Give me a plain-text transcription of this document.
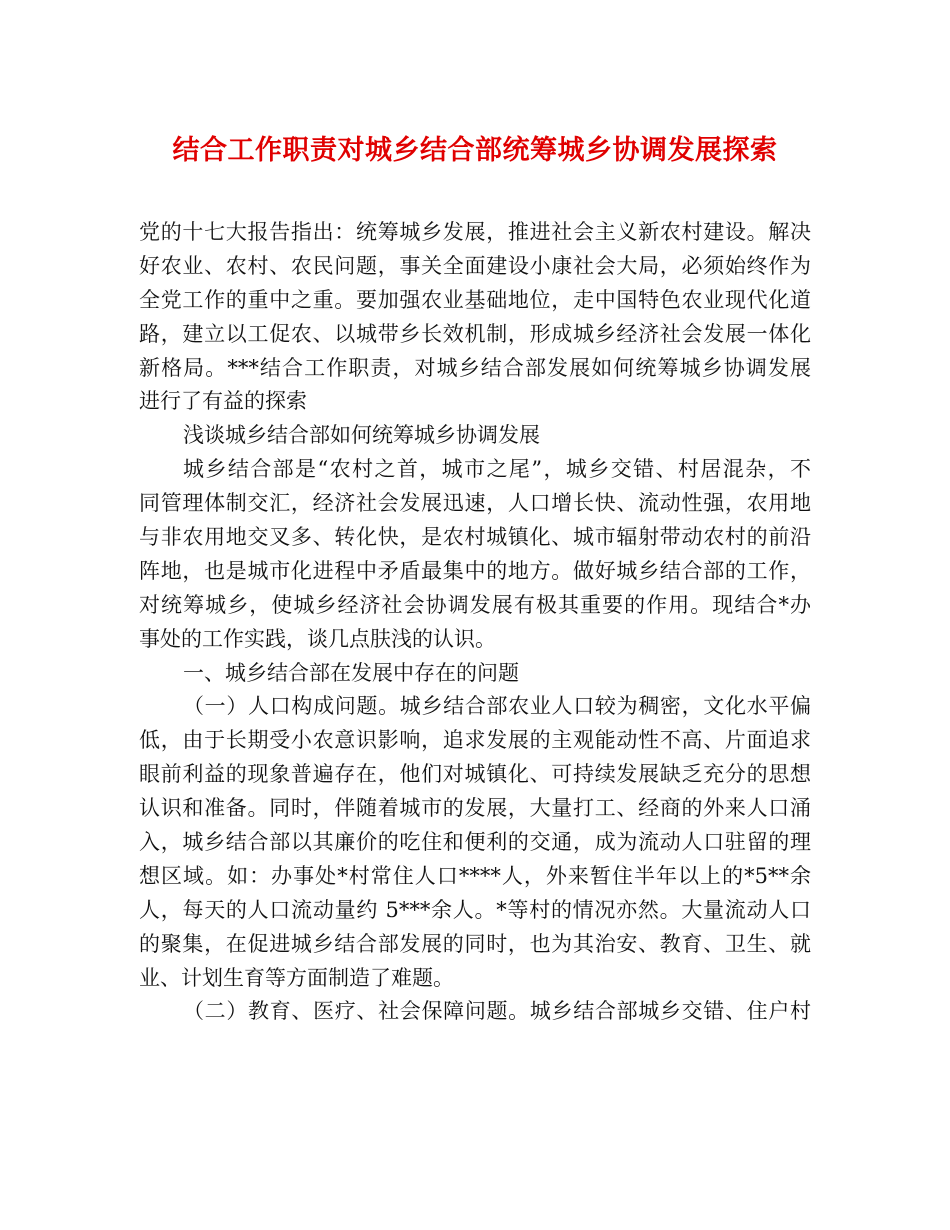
结合工作职责对城乡结合部统筹城乡协调发展探索
党的十七大报告指出：统筹城乡发展，推进社会主义新农村建设。解决
好农业、农村、农民问题，事关全面建设小康社会大局，必须始终作为
全党工作的重中之重。要加强农业基础地位，走中国特色农业现代化道
路，建立以工促农、以城带乡长效机制，形成城乡经济社会发展一体化
新格局。***结合工作职责，对城乡结合部发展如何统筹城乡协调发展
进行了有益的探索
浅谈城乡结合部如何统筹城乡协调发展
城乡结合部是“农村之首，城市之尾”，城乡交错、村居混杂，不
同管理体制交汇，经济社会发展迅速，人口增长快、流动性强，农用地
与非农用地交叉多、转化快，是农村城镇化、城市辐射带动农村的前沿
阵地，也是城市化进程中矛盾最集中的地方。做好城乡结合部的工作，
对统筹城乡，使城乡经济社会协调发展有极其重要的作用。现结合*办
事处的工作实践，谈几点肤浅的认识。
一、城乡结合部在发展中存在的问题
（一）人口构成问题。城乡结合部农业人口较为稠密，文化水平偏
低，由于长期受小农意识影响，追求发展的主观能动性不高、片面追求
眼前利益的现象普遍存在，他们对城镇化、可持续发展缺乏充分的思想
认识和准备。同时，伴随着城市的发展，大量打工、经商的外来人口涌
入，城乡结合部以其廉价的吃住和便利的交通，成为流动人口驻留的理
想区域。如：办事处*村常住人口****人，外来暂住半年以上的*5**余
人，每天的人口流动量约 5***余人。*等村的情况亦然。大量流动人口
的聚集，在促进城乡结合部发展的同时，也为其治安、教育、卫生、就
业、计划生育等方面制造了难题。
（二）教育、医疗、社会保障问题。城乡结合部城乡交错、住户村
